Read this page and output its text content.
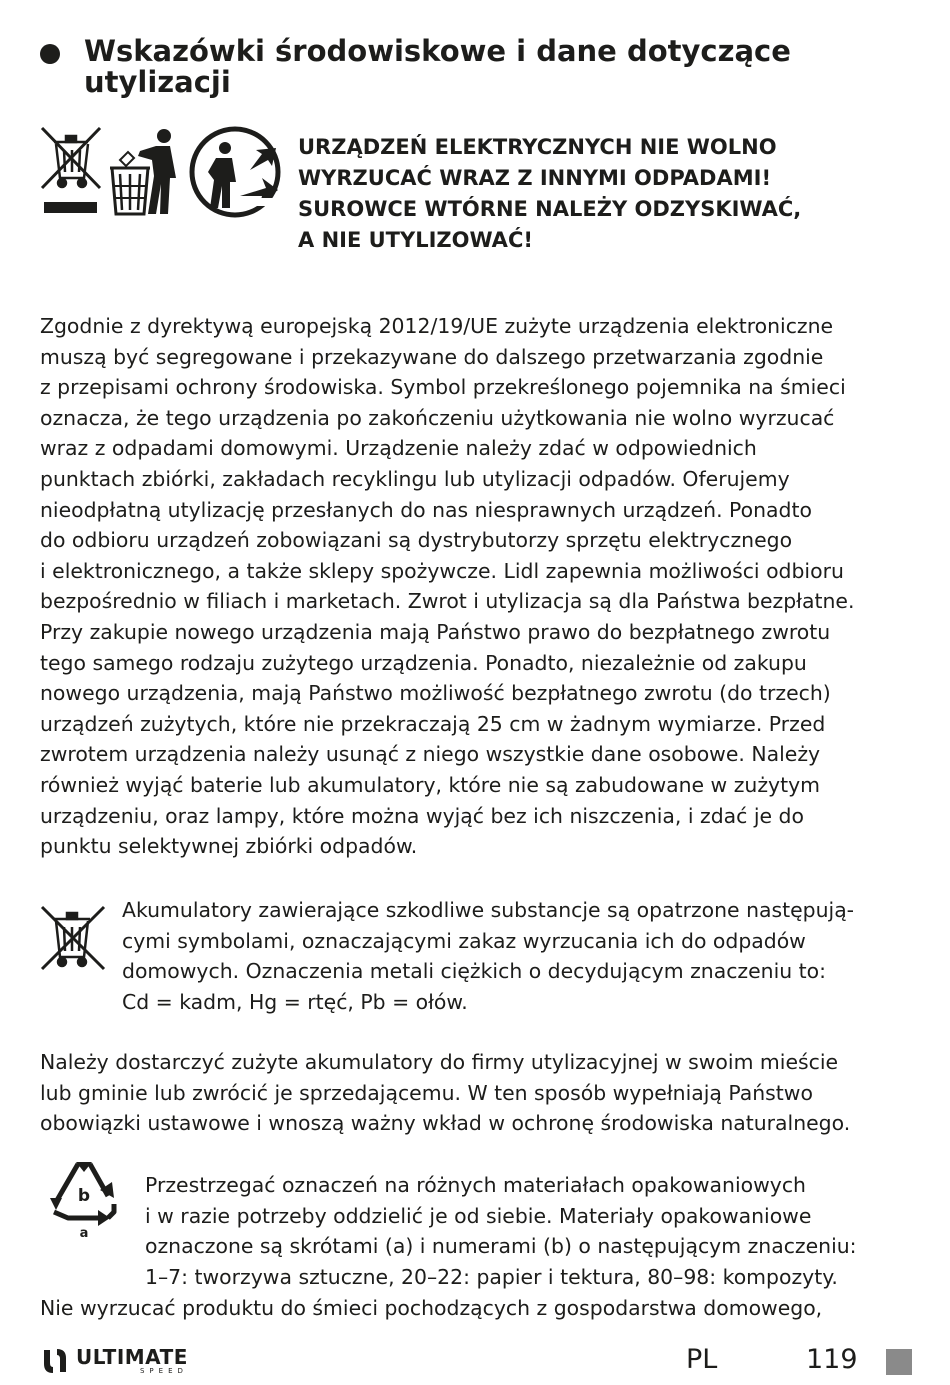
Wskazówki środowiskowe i dane dotyczące
utylizacji
URZĄDZEŃ ELEKTRYCZNYCH NIE WOLNO
WYRZUCAĆ WRAZ Z INNYMI ODPADAMI!
SUROWCE WTÓRNE NALEŻY ODZYSKIWAĆ,
A NIE UTYLIZOWAĆ!
Zgodnie z dyrektywą europejską 2012/19/UE zużyte urządzenia elektroniczne
muszą być segregowane i przekazywane do dalszego przetwarzania zgodnie
z przepisami ochrony środowiska. Symbol przekreślonego pojemnika na śmieci
oznacza, że tego urządzenia po zakończeniu użytkowania nie wolno wyrzucać
wraz z odpadami domowymi. Urządzenie należy zdać w odpowiednich
punktach zbiórki, zakładach recyklingu lub utylizacji odpadów. Oferujemy
nieodpłatną utylizację przesłanych do nas niesprawnych urządzeń. Ponadto
do odbioru urządzeń zobowiązani są dystrybutorzy sprzętu elektrycznego
i elektronicznego, a także sklepy spożywcze. Lidl zapewnia możliwości odbioru
bezpośrednio w filiach i marketach. Zwrot i utylizacja są dla Państwa bezpłatne.
Przy zakupie nowego urządzenia mają Państwo prawo do bezpłatnego zwrotu
tego samego rodzaju zużytego urządzenia. Ponadto, niezależnie od zakupu
nowego urządzenia, mają Państwo możliwość bezpłatnego zwrotu (do trzech)
urządzeń zużytych, które nie przekraczają 25 cm w żadnym wymiarze. Przed
zwrotem urządzenia należy usunąć z niego wszystkie dane osobowe. Należy
również wyjąć baterie lub akumulatory, które nie są zabudowane w zużytym
urządzeniu, oraz lampy, które można wyjąć bez ich niszczenia, i zdać je do
punktu selektywnej zbiórki odpadów.
Akumulatory zawierające szkodliwe substancje są opatrzone następują-
cymi symbolami, oznaczającymi zakaz wyrzucania ich do odpadów
domowych. Oznaczenia metali ciężkich o decydującym znaczeniu to:
Cd = kadm, Hg = rtęć, Pb = ołów.
Należy dostarczyć zużyte akumulatory do firmy utylizacyjnej w swoim mieście
lub gminie lub zwrócić je sprzedającemu. W ten sposób wypełniają Państwo
obowiązki ustawowe i wnoszą ważny wkład w ochronę środowiska naturalnego.
b
a
Przestrzegać oznaczeń na różnych materiałach opakowaniowych
i w razie potrzeby oddzielić je od siebie. Materiały opakowaniowe
oznaczone są skrótami (a) i numerami (b) o następującym znaczeniu:
1–7: tworzywa sztuczne, 20–22: papier i tektura, 80–98: kompozyty.
Nie wyrzucać produktu do śmieci pochodzących z gospodarstwa domowego,
ULTIMATE
SPEED	PL	119
